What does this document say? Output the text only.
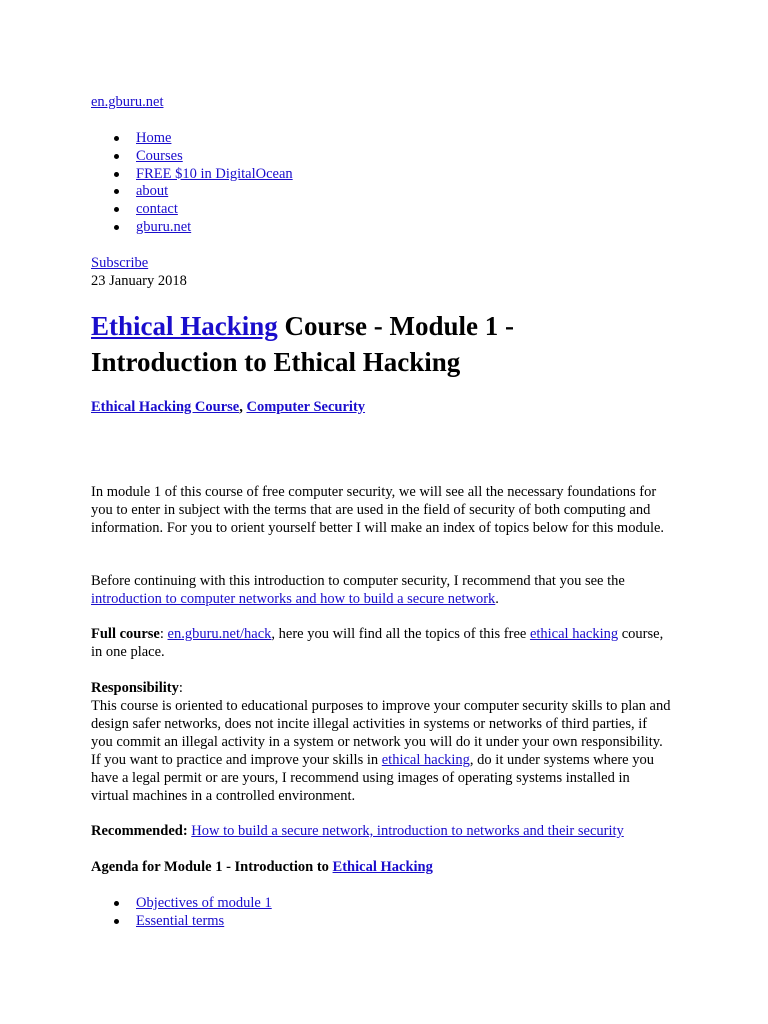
en.gburu.net
Home
Courses
FREE $10 in DigitalOcean
about
contact
gburu.net
Subscribe
23 January 2018
Ethical Hacking Course - Module 1 -
Introduction to Ethical Hacking
Ethical Hacking Course, Computer Security

In module 1 of this course of free computer security, we will see all the necessary foundations for you to enter in subject with the terms that are used in the field of security of both computing and information. For you to orient yourself better I will make an index of topics below for this module.

Before continuing with this introduction to computer security, I recommend that you see the introduction to computer networks and how to build a secure network.

Full course: en.gburu.net/hack, here you will find all the topics of this free ethical hacking course, in one place.

Responsibility:
This course is oriented to educational purposes to improve your computer security skills to plan and design safer networks, does not incite illegal activities in systems or networks of third parties, if you commit an illegal activity in a system or network you will do it under your own responsibility. If you want to practice and improve your skills in ethical hacking, do it under systems where you have a legal permit or are yours, I recommend using images of operating systems installed in virtual machines in a controlled environment.

Recommended: How to build a secure network, introduction to networks and their security

Agenda for Module 1 - Introduction to Ethical Hacking

Objectives of module 1
Essential terms
